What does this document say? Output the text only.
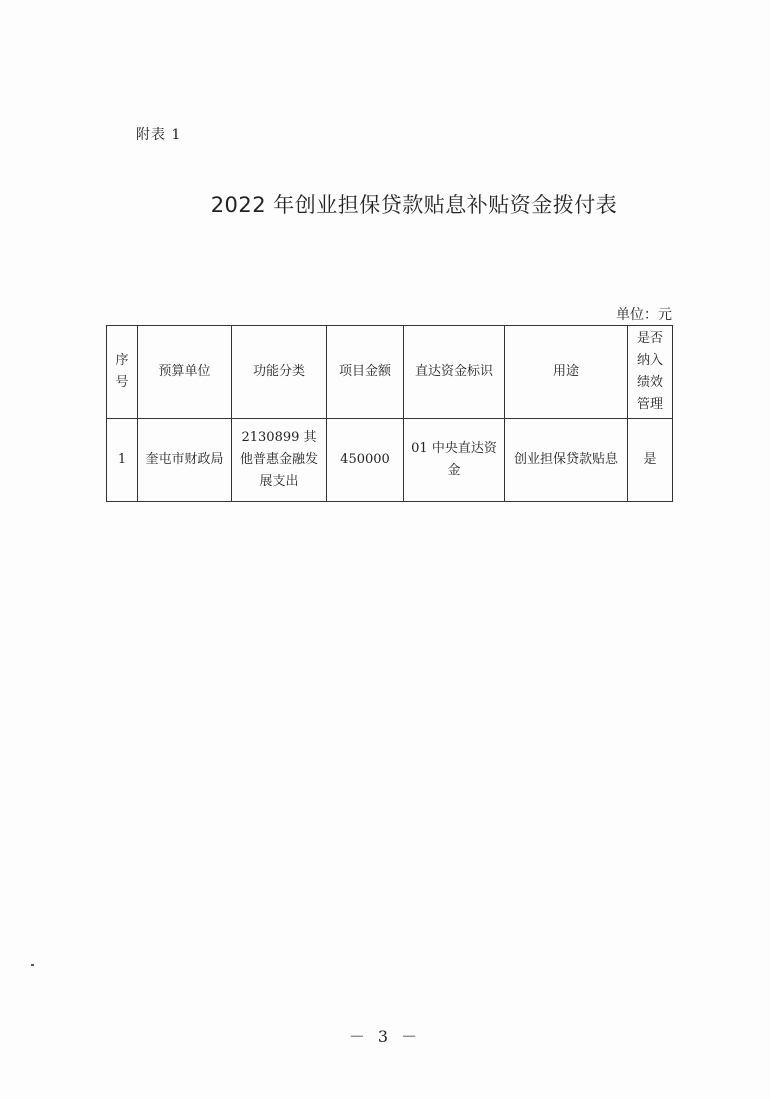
附表 1
2022 年创业担保贷款贴息补贴资金拨付表
单位：元
序号	预算单位	功能分类	项目金额	直达资金标识	用途	是否纳入绩效管理
1	奎屯市财政局	2130899 其他普惠金融发展支出	450000	01 中央直达资金	创业担保贷款贴息	是
－ 3 －
